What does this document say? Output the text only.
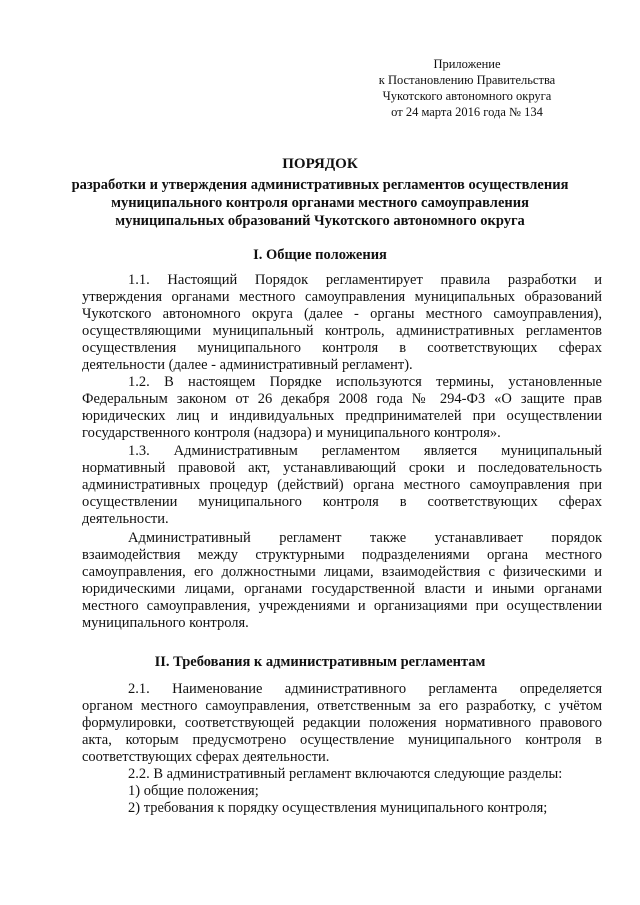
Приложение
к Постановлению Правительства
Чукотского автономного округа
от 24 марта 2016 года № 134
ПОРЯДОК
разработки и утверждения административных регламентов осуществления
муниципального контроля органами местного самоуправления
муниципальных образований Чукотского автономного округа
I. Общие положения
1.1. Настоящий Порядок регламентирует правила разработки и
утверждения органами местного самоуправления муниципальных образований
Чукотского автономного округа (далее - органы местного самоуправления),
осуществляющими муниципальный контроль, административных регламентов
осуществления муниципального контроля в соответствующих сферах
деятельности (далее - административный регламент).
1.2. В настоящем Порядке используются термины, установленные
Федеральным законом от 26 декабря 2008 года № 294-ФЗ «О защите прав
юридических лиц и индивидуальных предпринимателей при осуществлении
государственного контроля (надзора) и муниципального контроля».
1.3. Административным регламентом является муниципальный
нормативный правовой акт, устанавливающий сроки и последовательность
административных процедур (действий) органа местного самоуправления при
осуществлении муниципального контроля в соответствующих сферах
деятельности.
Административный регламент также устанавливает порядок
взаимодействия между структурными подразделениями органа местного
самоуправления, его должностными лицами, взаимодействия с физическими и
юридическими лицами, органами государственной власти и иными органами
местного самоуправления, учреждениями и организациями при осуществлении
муниципального контроля.
II. Требования к административным регламентам
2.1. Наименование административного регламента определяется
органом местного самоуправления, ответственным за его разработку, с учётом
формулировки, соответствующей редакции положения нормативного правового
акта, которым предусмотрено осуществление муниципального контроля в
соответствующих сферах деятельности.
2.2. В административный регламент включаются следующие разделы:
1) общие положения;
2) требования к порядку осуществления муниципального контроля;
